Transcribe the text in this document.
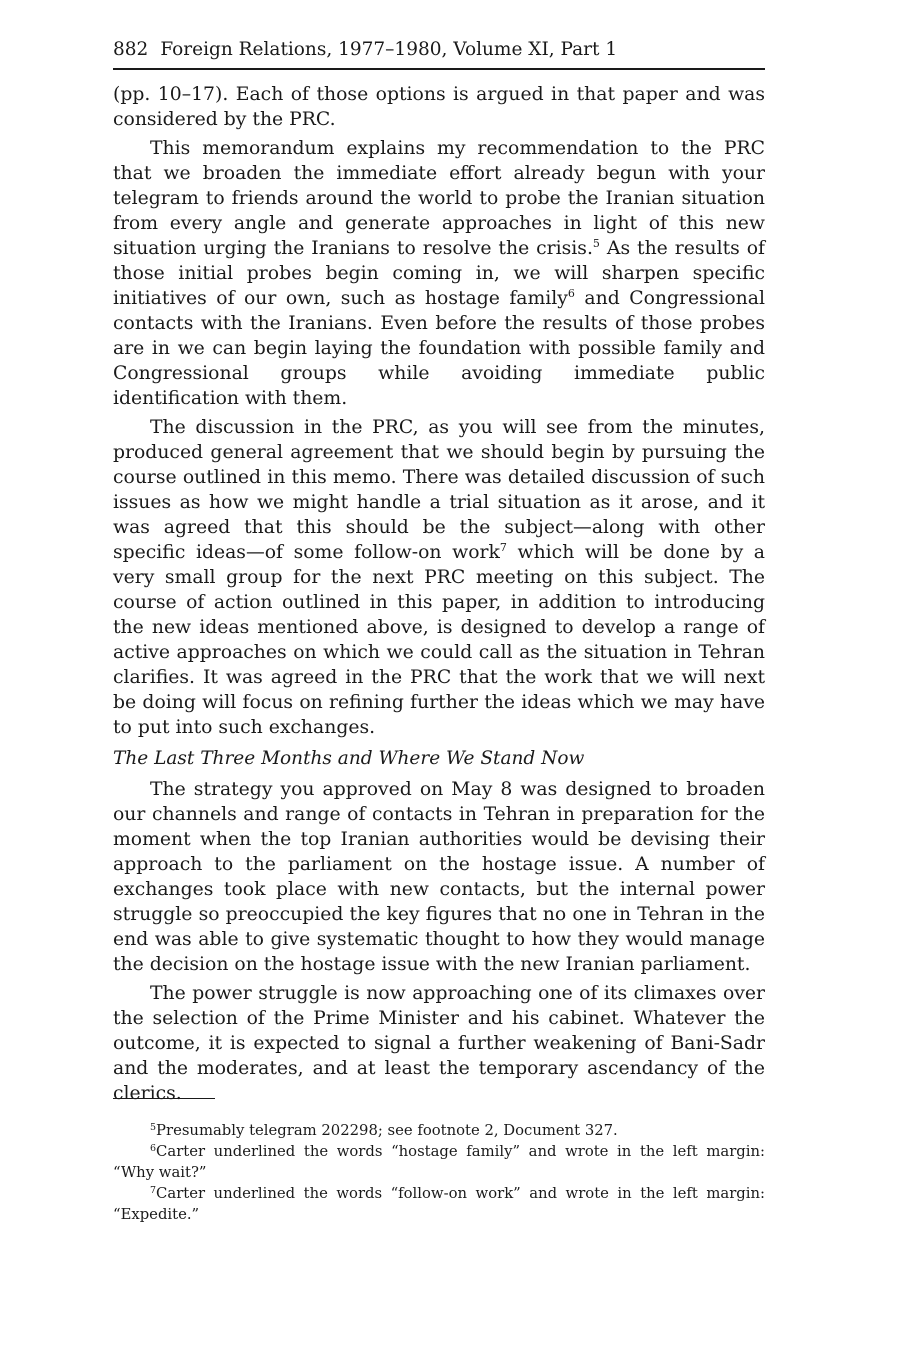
882 Foreign Relations, 1977–1980, Volume XI, Part 1

(pp. 10–17). Each of those options is argued in that paper and was considered by the PRC.

This memorandum explains my recommendation to the PRC that we broaden the immediate effort already begun with your telegram to friends around the world to probe the Iranian situation from every angle and generate approaches in light of this new situation urging the Iranians to resolve the crisis.$^5$ As the results of those initial probes begin coming in, we will sharpen specific initiatives of our own, such as hostage family$^6$ and Congressional contacts with the Iranians. Even before the results of those probes are in we can begin laying the foundation with possible family and Congressional groups while avoiding immediate public identification with them.

The discussion in the PRC, as you will see from the minutes, produced general agreement that we should begin by pursuing the course outlined in this memo. There was detailed discussion of such issues as how we might handle a trial situation as it arose, and it was agreed that this should be the subject—along with other specific ideas—of some follow-on work$^7$ which will be done by a very small group for the next PRC meeting on this subject. The course of action outlined in this paper, in addition to introducing the new ideas mentioned above, is designed to develop a range of active approaches on which we could call as the situation in Tehran clarifies. It was agreed in the PRC that the work that we will next be doing will focus on refining further the ideas which we may have to put into such exchanges.

The Last Three Months and Where We Stand Now

The strategy you approved on May 8 was designed to broaden our channels and range of contacts in Tehran in preparation for the moment when the top Iranian authorities would be devising their approach to the parliament on the hostage issue. A number of exchanges took place with new contacts, but the internal power struggle so preoccupied the key figures that no one in Tehran in the end was able to give systematic thought to how they would manage the decision on the hostage issue with the new Iranian parliament.

The power struggle is now approaching one of its climaxes over the selection of the Prime Minister and his cabinet. Whatever the outcome, it is expected to signal a further weakening of Bani-Sadr and the moderates, and at least the temporary ascendancy of the clerics.

$^5$Presumably telegram 202298; see footnote 2, Document 327.

$^6$Carter underlined the words “hostage family” and wrote in the left margin: “Why wait?”

$^7$Carter underlined the words “follow-on work” and wrote in the left margin: “Expedite.”
